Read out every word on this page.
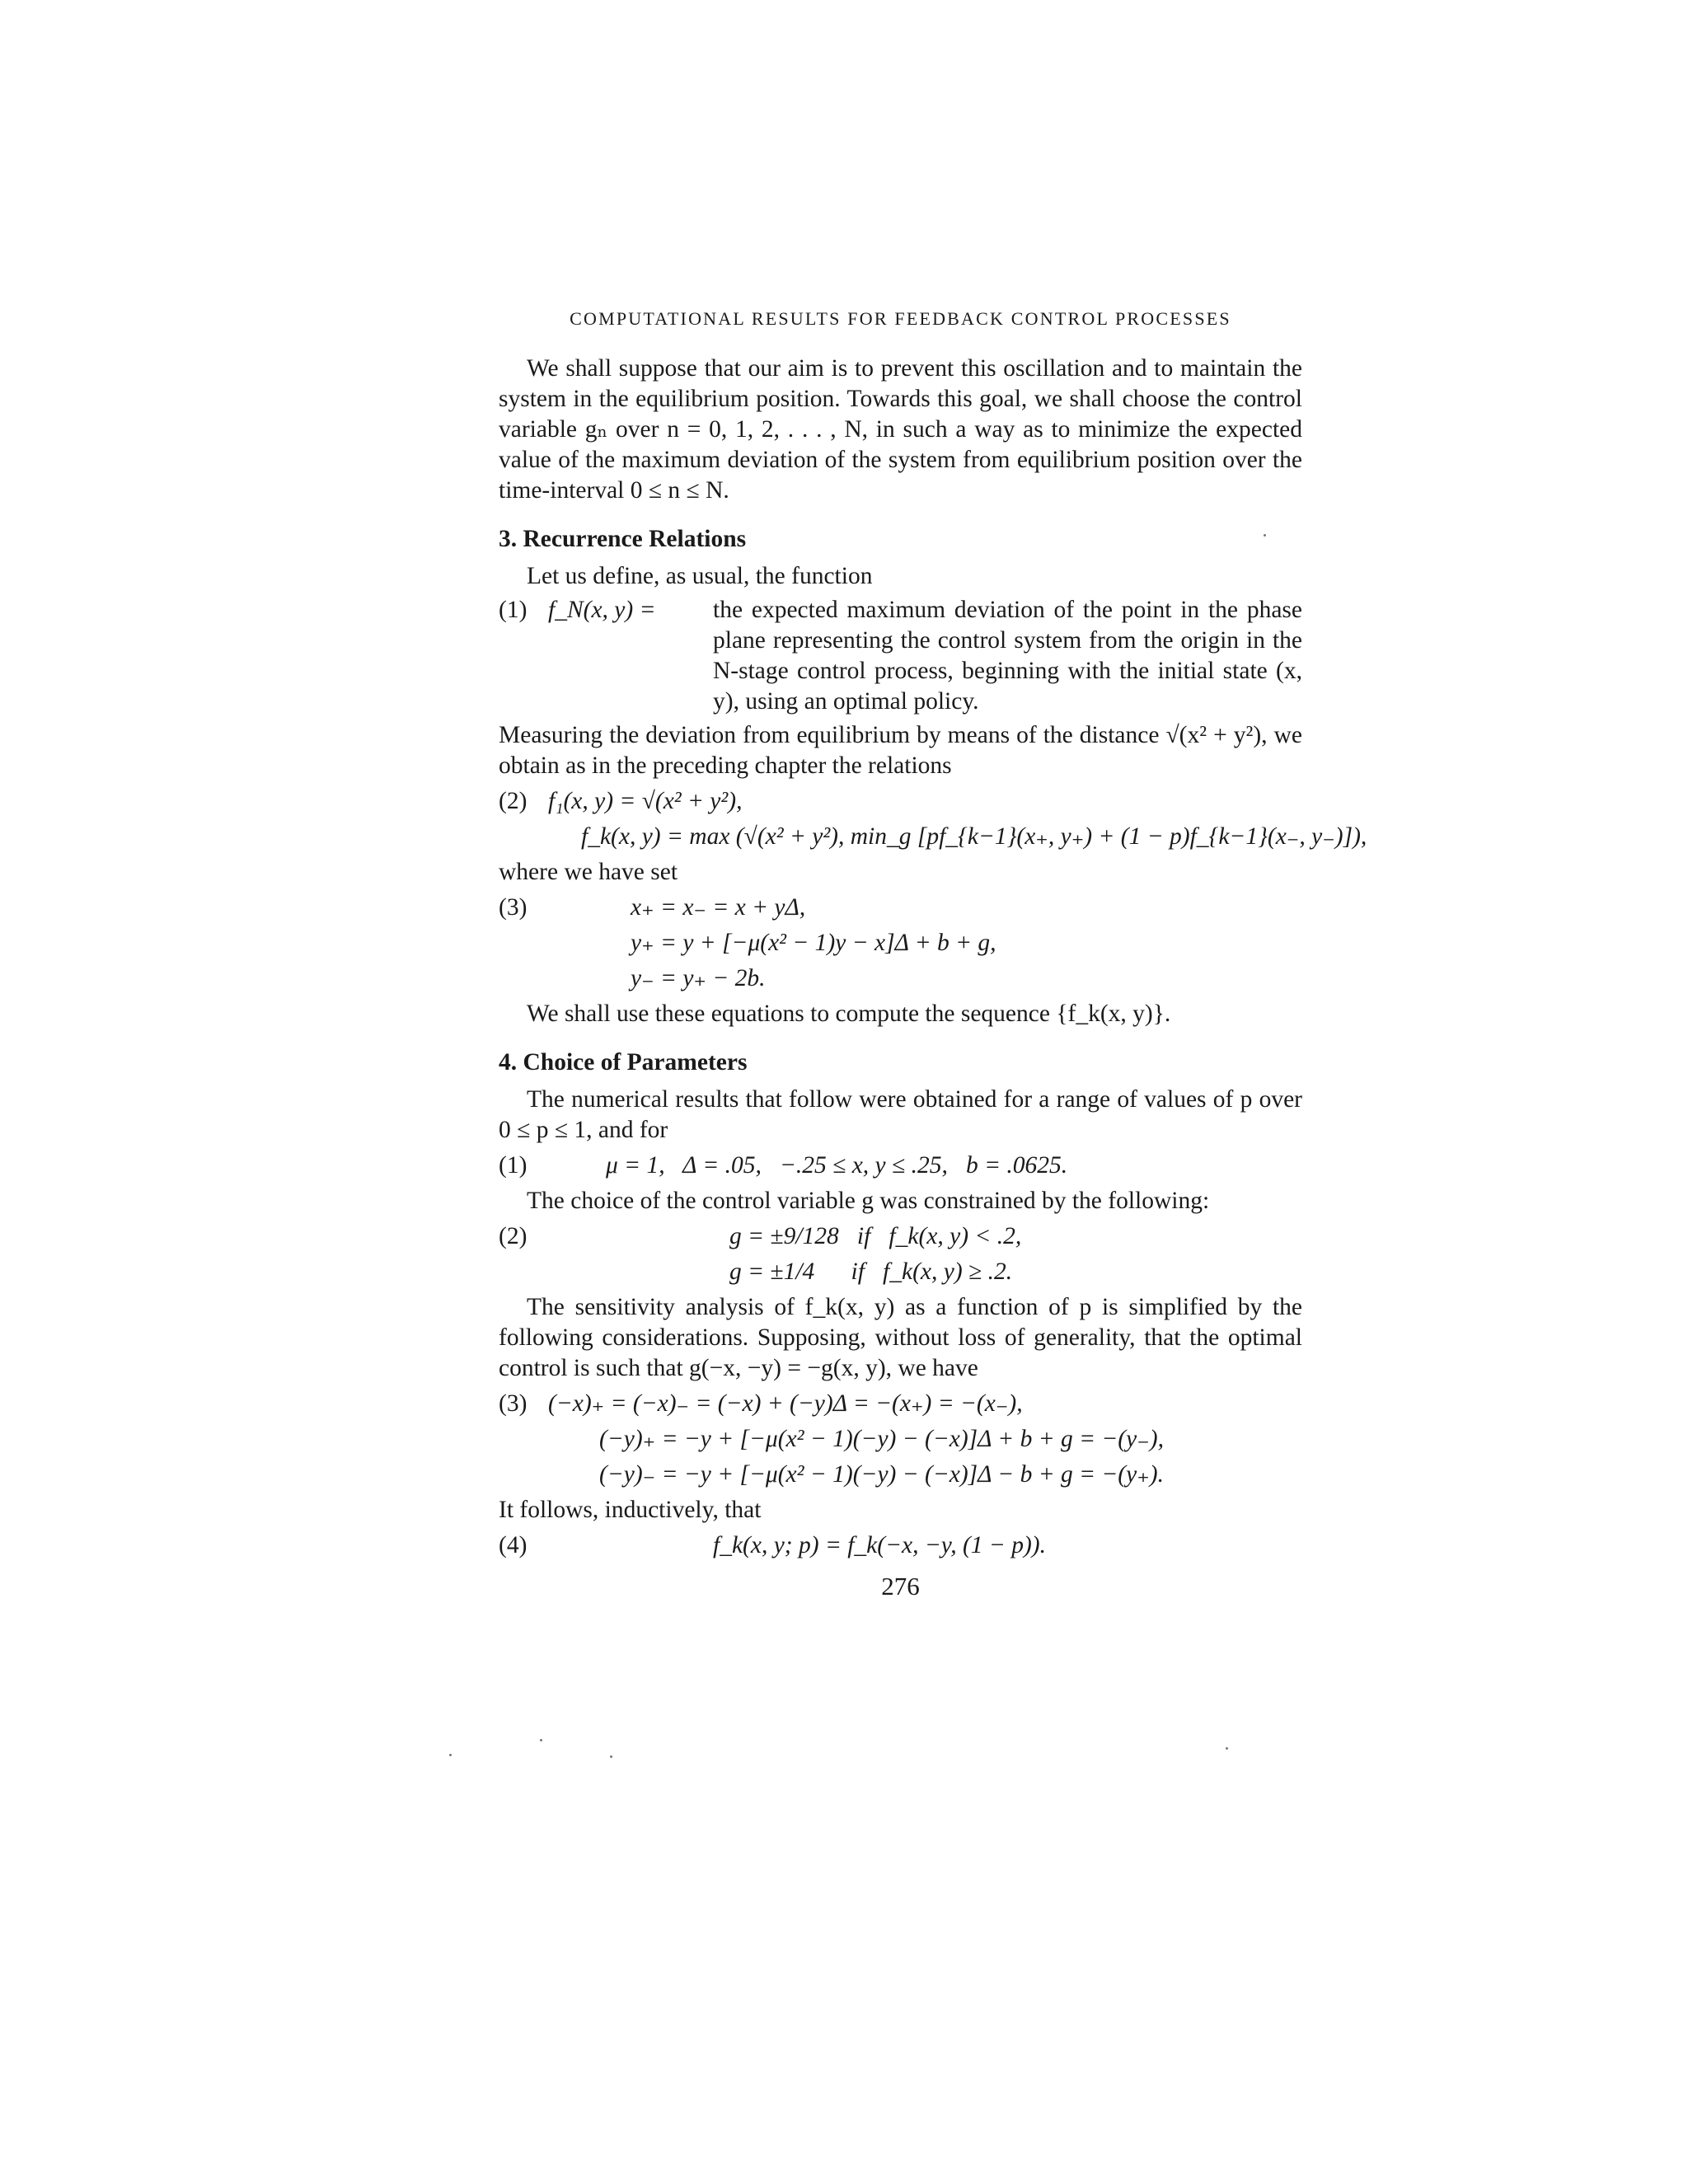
COMPUTATIONAL RESULTS FOR FEEDBACK CONTROL PROCESSES

We shall suppose that our aim is to prevent this oscillation and to maintain the system in the equilibrium position. Towards this goal, we shall choose the control variable gₙ over n = 0, 1, 2, . . . , N, in such a way as to minimize the expected value of the maximum deviation of the system from equilibrium position over the time-interval 0 ≤ n ≤ N.

3. Recurrence Relations

Let us define, as usual, the function

(1) f_N(x, y) =	the expected maximum deviation of the point in the phase plane representing the control system from the origin in the N-stage control process, beginning with the initial state (x, y), using an optimal policy.

Measuring the deviation from equilibrium by means of the distance √(x² + y²), we obtain as in the preceding chapter the relations

(2) f₁(x, y) = √(x² + y²),
f_k(x, y) = max (√(x² + y²), min_g [pf_{k−1}(x₊, y₊) + (1 − p)f_{k−1}(x₋, y₋)]),

where we have set

(3)	x₊ = x₋ = x + yΔ,
y₊ = y + [−μ(x² − 1)y − x]Δ + b + g,
y₋ = y₊ − 2b.

We shall use these equations to compute the sequence {f_k(x, y)}.

4. Choice of Parameters

The numerical results that follow were obtained for a range of values of p over 0 ≤ p ≤ 1, and for

(1)	μ = 1,   Δ = .05,   −.25 ≤ x, y ≤ .25,   b = .0625.

The choice of the control variable g was constrained by the following:

(2)	g = ±9/128   if   f_k(x, y) < .2,
g = ±1/4      if   f_k(x, y) ≥ .2.

The sensitivity analysis of f_k(x, y) as a function of p is simplified by the following considerations. Supposing, without loss of generality, that the optimal control is such that g(−x, −y) = −g(x, y), we have

(3) (−x)₊ = (−x)₋ = (−x) + (−y)Δ = −(x₊) = −(x₋),
(−y)₊ = −y + [−μ(x² − 1)(−y) − (−x)]Δ + b + g = −(y₋),
(−y)₋ = −y + [−μ(x² − 1)(−y) − (−x)]Δ − b + g = −(y₊).

It follows, inductively, that

(4)	f_k(x, y; p) = f_k(−x, −y, (1 − p)).
276
